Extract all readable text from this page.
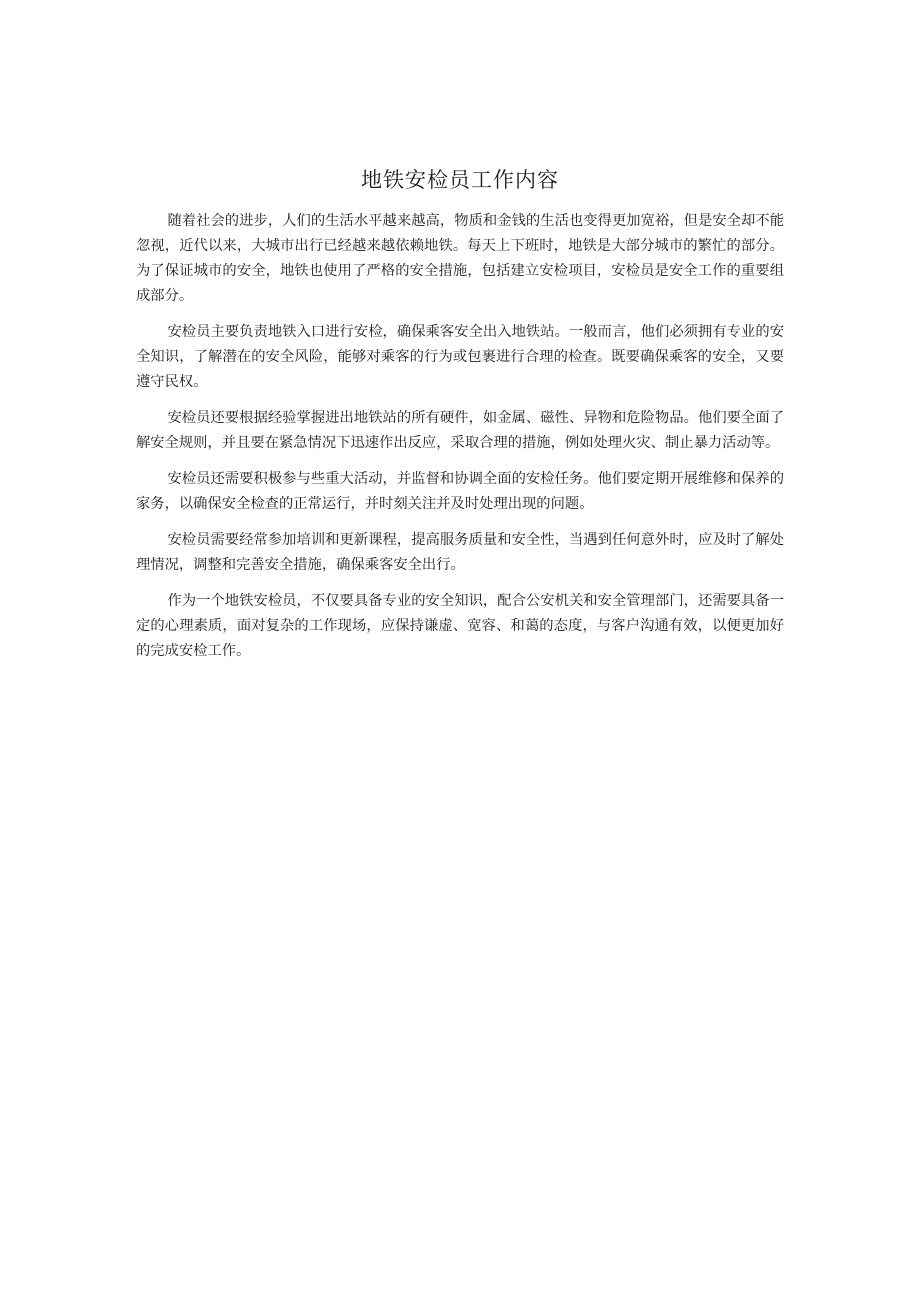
地铁安检员工作内容

随着社会的进步，人们的生活水平越来越高，物质和金钱的生活也变得更加宽裕，但是安全却不能忽视，近代以来，大城市出行已经越来越依赖地铁。每天上下班时，地铁是大部分城市的繁忙的部分。为了保证城市的安全，地铁也使用了严格的安全措施，包括建立安检项目，安检员是安全工作的重要组成部分。

安检员主要负责地铁入口进行安检，确保乘客安全出入地铁站。一般而言，他们必须拥有专业的安全知识，了解潜在的安全风险，能够对乘客的行为或包裹进行合理的检查。既要确保乘客的安全，又要遵守民权。

安检员还要根据经验掌握进出地铁站的所有硬件，如金属、磁性、异物和危险物品。他们要全面了解安全规则，并且要在紧急情况下迅速作出反应，采取合理的措施，例如处理火灾、制止暴力活动等。

安检员还需要积极参与些重大活动，并监督和协调全面的安检任务。他们要定期开展维修和保养的家务，以确保安全检查的正常运行，并时刻关注并及时处理出现的问题。

安检员需要经常参加培训和更新课程，提高服务质量和安全性，当遇到任何意外时，应及时了解处理情况，调整和完善安全措施，确保乘客安全出行。

作为一个地铁安检员，不仅要具备专业的安全知识，配合公安机关和安全管理部门，还需要具备一定的心理素质，面对复杂的工作现场，应保持谦虚、宽容、和蔼的态度，与客户沟通有效，以便更加好的完成安检工作。
